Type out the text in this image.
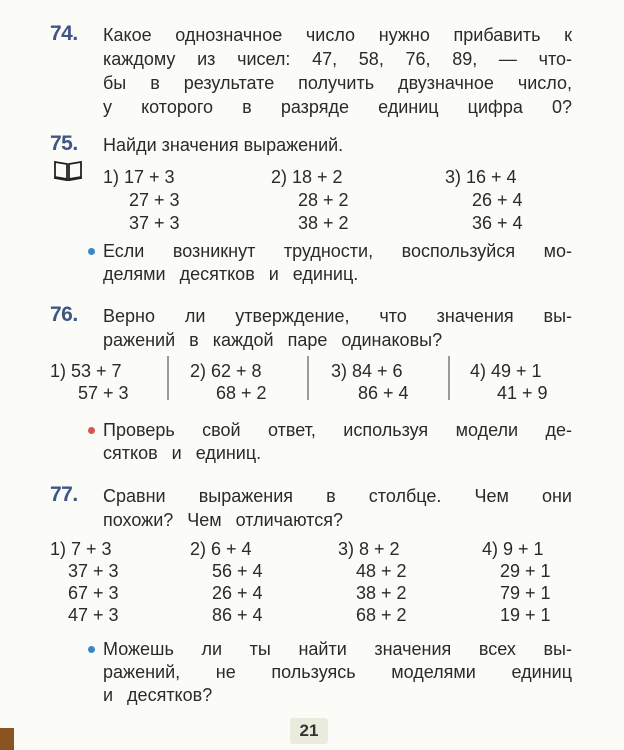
74. Какое однозначное число нужно прибавить к
каждому из чисел: 47, 58, 76, 89, — что-
бы в результате получить двузначное число,
у которого в разряде единиц цифра 0?
75. Найди значения выражений.
1) 17 + 3
27 + 3
37 + 3
2) 18 + 2
28 + 2
38 + 2
3) 16 + 4
26 + 4
36 + 4
Если возникнут трудности, воспользуйся мо-
делями десятков и единиц.
76. Верно ли утверждение, что значения вы-
ражений в каждой паре одинаковы?
1) 53 + 7
57 + 3
2) 62 + 8
68 + 2
3) 84 + 6
86 + 4
4) 49 + 1
41 + 9
Проверь свой ответ, используя модели де-
сятков и единиц.
77. Сравни выражения в столбце. Чем они
похожи? Чем отличаются?
1) 7 + 3
37 + 3
67 + 3
47 + 3
2) 6 + 4
56 + 4
26 + 4
86 + 4
3) 8 + 2
48 + 2
38 + 2
68 + 2
4) 9 + 1
29 + 1
79 + 1
19 + 1
Можешь ли ты найти значения всех вы-
ражений, не пользуясь моделями единиц
и десятков?
21
